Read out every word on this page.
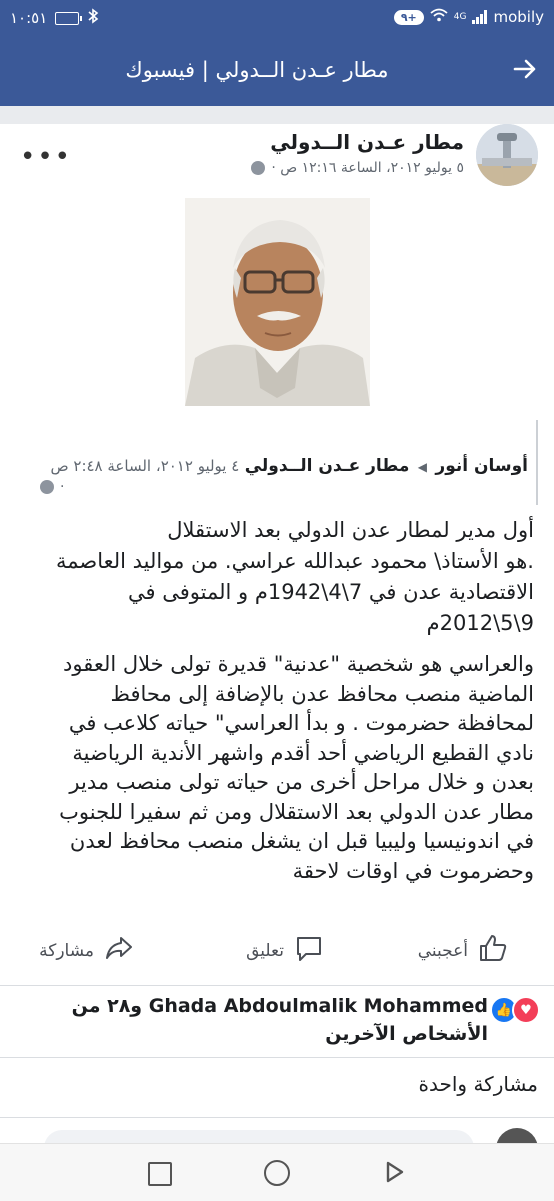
١٠:٥١	٩+	4G mobily
مطار عـدن الــدولي | فيسبوك
مطار عـدن الــدولي
٥ يوليو ٢٠١٢، الساعة ١٢:١٦ ص ·
•••
أوسان أنور ◀ مطار عـدن الــدولي ٤ يوليو ٢٠١٢، الساعة ٢:٤٨ ص
·
أول مدير لمطار عدن الدولي بعد الاستقلال
.هو الأستاذ\ محمود عبدالله عراسي. من مواليد العاصمة الاقتصادية عدن في 7\4\1942م و المتوفى في 9\5\2012م
والعراسي هو شخصية "عدنية" قديرة تولى خلال العقود الماضية منصب محافظ عدن بالإضافة إلى محافظ لمحافظة حضرموت . و بدأ العراسي" حياته كلاعب في نادي القطيع الرياضي أحد أقدم واشهر الأندية الرياضية بعدن و خلال مراحل أخرى من حياته تولى منصب مدير مطار عدن الدولي بعد الاستقلال ومن ثم سفيرا للجنوب في اندونيسيا وليبيا قبل ان يشغل منصب محافظ لعدن وحضرموت في اوقات لاحقة
أعجبني
تعليق
مشاركة
👍 ♥
Ghada Abdoulmalik Mohammed و٢٨ من الأشخاص الآخرين
مشاركة واحدة
